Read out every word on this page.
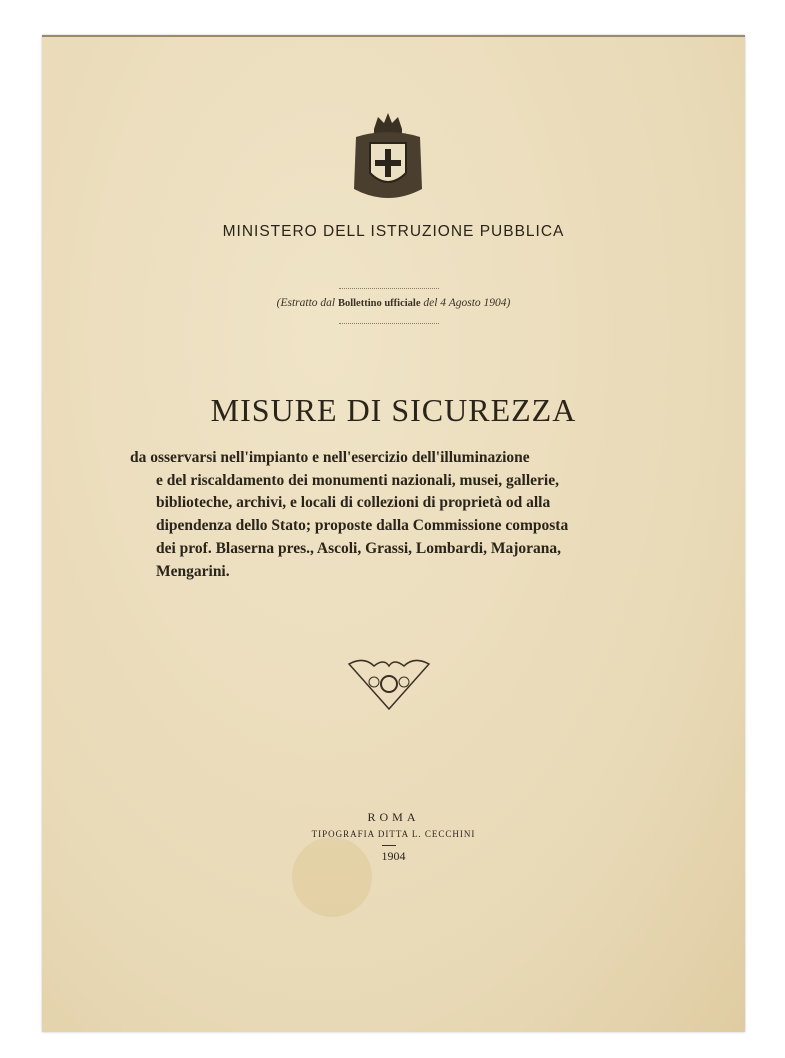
MINISTERO DELL ISTRUZIONE PUBBLICA
(Estratto dal Bollettino ufficiale del 4 Agosto 1904)
MISURE DI SICUREZZA
da osservarsi nell'impianto e nell'esercizio dell'illuminazione
e del riscaldamento dei monumenti nazionali, musei, gallerie,
biblioteche, archivi, e locali di collezioni di proprietà od alla
dipendenza dello Stato; proposte dalla Commissione composta
dei prof. Blaserna pres., Ascoli, Grassi, Lombardi, Majorana,
Mengarini.
ROMA
TIPOGRAFIA DITTA L. CECCHINI
1904
